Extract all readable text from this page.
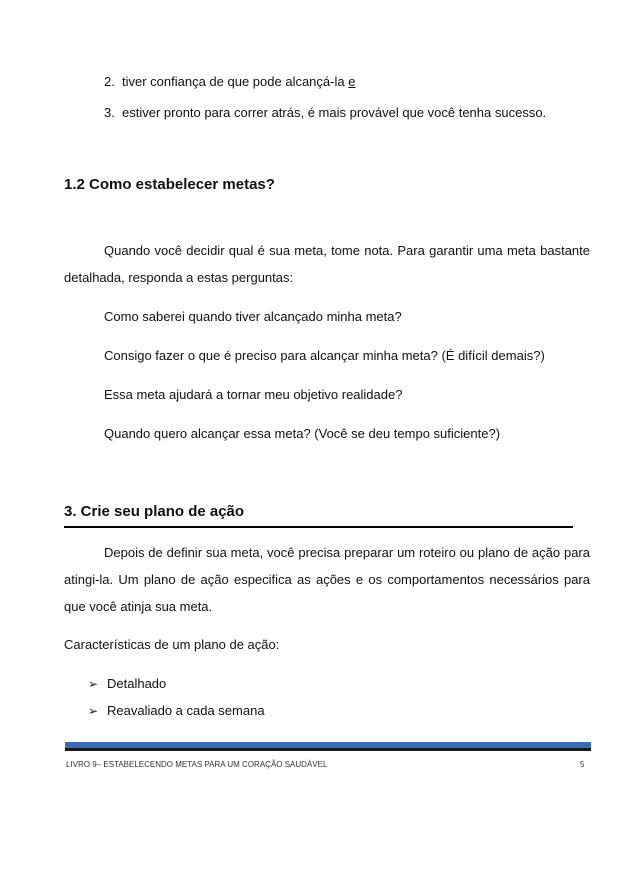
2. tiver confiança de que pode alcançá-la e
3. estiver pronto para correr atrás, é mais provável que você tenha sucesso.
1.2 Como estabelecer metas?
Quando você decidir qual é sua meta, tome nota. Para garantir uma meta bastante detalhada, responda a estas perguntas:
Como saberei quando tiver alcançado minha meta?
Consigo fazer o que é preciso para alcançar minha meta? (É difícil demais?)
Essa meta ajudará a tornar meu objetivo realidade?
Quando quero alcançar essa meta? (Você se deu tempo suficiente?)
3. Crie seu plano de ação
Depois de definir sua meta, você precisa preparar um roteiro ou plano de ação para atingi-la. Um plano de ação especifica as ações e os comportamentos necessários para que você atinja sua meta.
Características de um plano de ação:
➢ Detalhado
➢ Reavaliado a cada semana
LIVRO 9– ESTABELECENDO METAS PARA UM CORAÇÃO SAUDÁVEL	5
